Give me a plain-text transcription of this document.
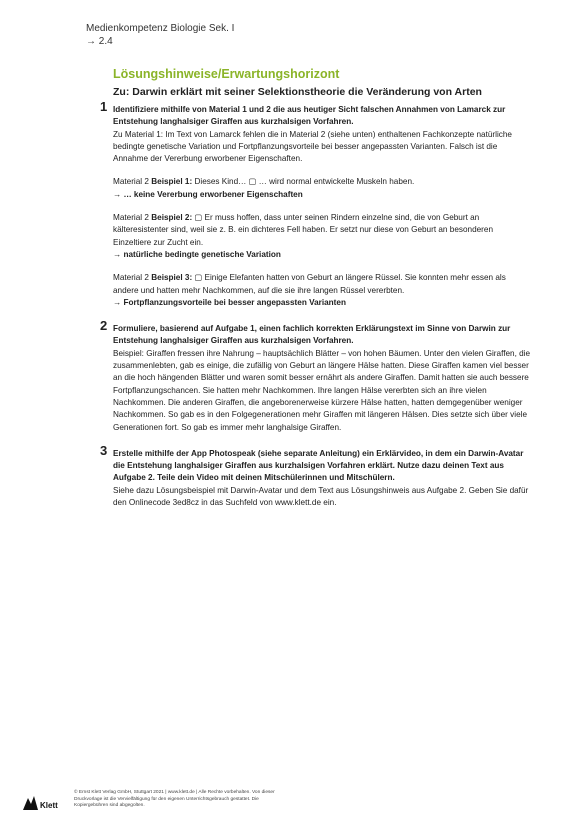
Medienkompetenz Biologie Sek. I
→ 2.4
Lösungshinweise/Erwartungshorizont
Zu: Darwin erklärt mit seiner Selektionstheorie die Veränderung von Arten
1 Identifiziere mithilfe von Material 1 und 2 die aus heutiger Sicht falschen Annahmen von Lamarck zur Entstehung langhalsiger Giraffen aus kurzhalsigen Vorfahren.
Zu Material 1: Im Text von Lamarck fehlen die in Material 2 (siehe unten) enthaltenen Fachkonzepte natürliche bedingte genetische Variation und Fortpflanzungsvorteile bei besser angepassten Varianten. Falsch ist die Annahme der Vererbung erworbener Eigenschaften.
Material 2 Beispiel 1: Dieses Kind… ▢ … wird normal entwickelte Muskeln haben.
→ … keine Vererbung erworbener Eigenschaften
Material 2 Beispiel 2: ▢ Er muss hoffen, dass unter seinen Rindern einzelne sind, die von Geburt an kälteresistenter sind, weil sie z. B. ein dichteres Fell haben. Er setzt nur diese von Geburt an besonderen Einzeltiere zur Zucht ein.
→ natürliche bedingte genetische Variation
Material 2 Beispiel 3: ▢ Einige Elefanten hatten von Geburt an längere Rüssel. Sie konnten mehr essen als andere und hatten mehr Nachkommen, auf die sie ihre langen Rüssel vererbten.
→ Fortpflanzungsvorteile bei besser angepassten Varianten
2 Formuliere, basierend auf Aufgabe 1, einen fachlich korrekten Erklärungstext im Sinne von Darwin zur Entstehung langhalsiger Giraffen aus kurzhalsigen Vorfahren.
Beispiel: Giraffen fressen ihre Nahrung – hauptsächlich Blätter – von hohen Bäumen. Unter den vielen Giraffen, die zusammenlebten, gab es einige, die zufällig von Geburt an längere Hälse hatten. Diese Giraffen kamen viel besser an die hoch hängenden Blätter und waren somit besser ernährt als andere Giraffen. Damit hatten sie auch bessere Fortpflanzungschancen. Sie hatten mehr Nachkommen. Ihre langen Hälse vererbten sich an ihre vielen Nachkommen. Die anderen Giraffen, die angeborenerweise kürzere Hälse hatten, hatten demgegenüber weniger Nachkommen. So gab es in den Folgegenerationen mehr Giraffen mit längeren Hälsen. Dies setzte sich über viele Generationen fort. So gab es immer mehr langhalsige Giraffen.
3 Erstelle mithilfe der App Photospeak (siehe separate Anleitung) ein Erklärvideo, in dem ein Darwin-Avatar die Entstehung langhalsiger Giraffen aus kurzhalsigen Vorfahren erklärt. Nutze dazu deinen Text aus Aufgabe 2. Teile dein Video mit deinen Mitschülerinnen und Mitschülern.
Siehe dazu Lösungsbeispiel mit Darwin-Avatar und dem Text aus Lösungshinweis aus Aufgabe 2. Geben Sie dafür den Onlinecode 3ed8cz in das Suchfeld von www.klett.de ein.
Klett
© Ernst Klett Verlag GmbH, Stuttgart 2021 | www.klett.de | Alle Rechte vorbehalten. Von dieser Druckvorlage ist die Vervielfältigung für den eigenen Unterrichtsgebrauch gestattet. Die Kopiergebühren sind abgegolten.
